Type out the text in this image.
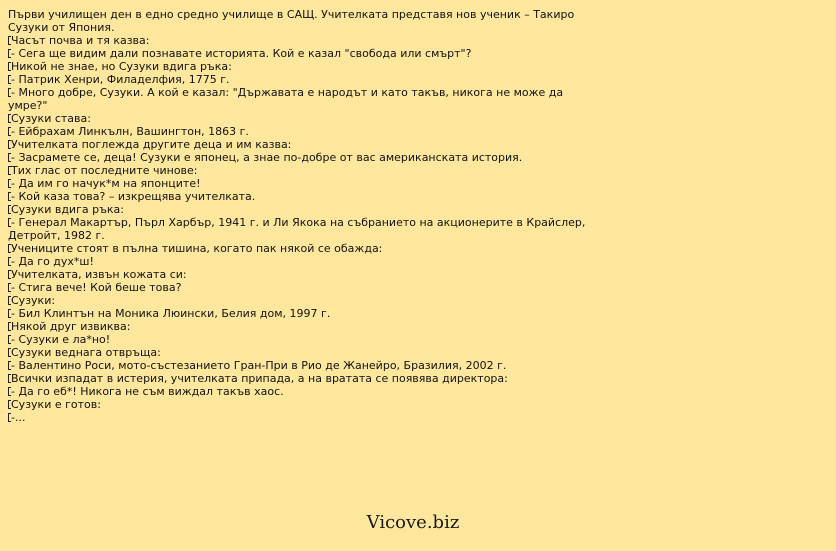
Първи училищен ден в едно средно училище в САЩ. Учителката представя нов ученик – Такиро Сузуки от Япония.
Часът почва и тя казва:
- Сега ще видим дали познавате историята. Кой е казал "свобода или смърт"?
Никой не знае, но Сузуки вдига ръка:
- Патрик Хенри, Филаделфия, 1775 г.
- Много добре, Сузуки. А кой е казал: "Държавата е народът и като такъв, никога не може да умре?"
Сузуки става:
- Ейбрахам Линкълн, Вашингтон, 1863 г.
Учителката поглежда другите деца и им казва:
- Засрамете се, деца! Сузуки е японец, а знае по-добре от вас американската история.
Тих глас от последните чинове:
- Да им го начук*м на японците!
- Кой каза това? – изкрещява учителката.
Сузуки вдига ръка:
- Генерал Макартър, Пърл Харбър, 1941 г. и Ли Якока на събранието на акционерите в Крайслер, Детройт, 1982 г.
Учениците стоят в пълна тишина, когато пак някой се обажда:
- Да го дух*ш!
Учителката, извън кожата си:
- Стига вече! Кой беше това?
Сузуки:
- Бил Клинтън на Моника Люински, Белия дом, 1997 г.
Някой друг извиква:
- Сузуки е ла*но!
Сузуки веднага отвръща:
- Валентино Роси, мото-състезанието Гран-При в Рио де Жанейро, Бразилия, 2002 г.
Всички изпадат в истерия, учителката припада, а на вратата се появява директора:
- Да го еб*! Никога не съм виждал такъв хаос.
Сузуки е готов:
-...
Vicove.biz
